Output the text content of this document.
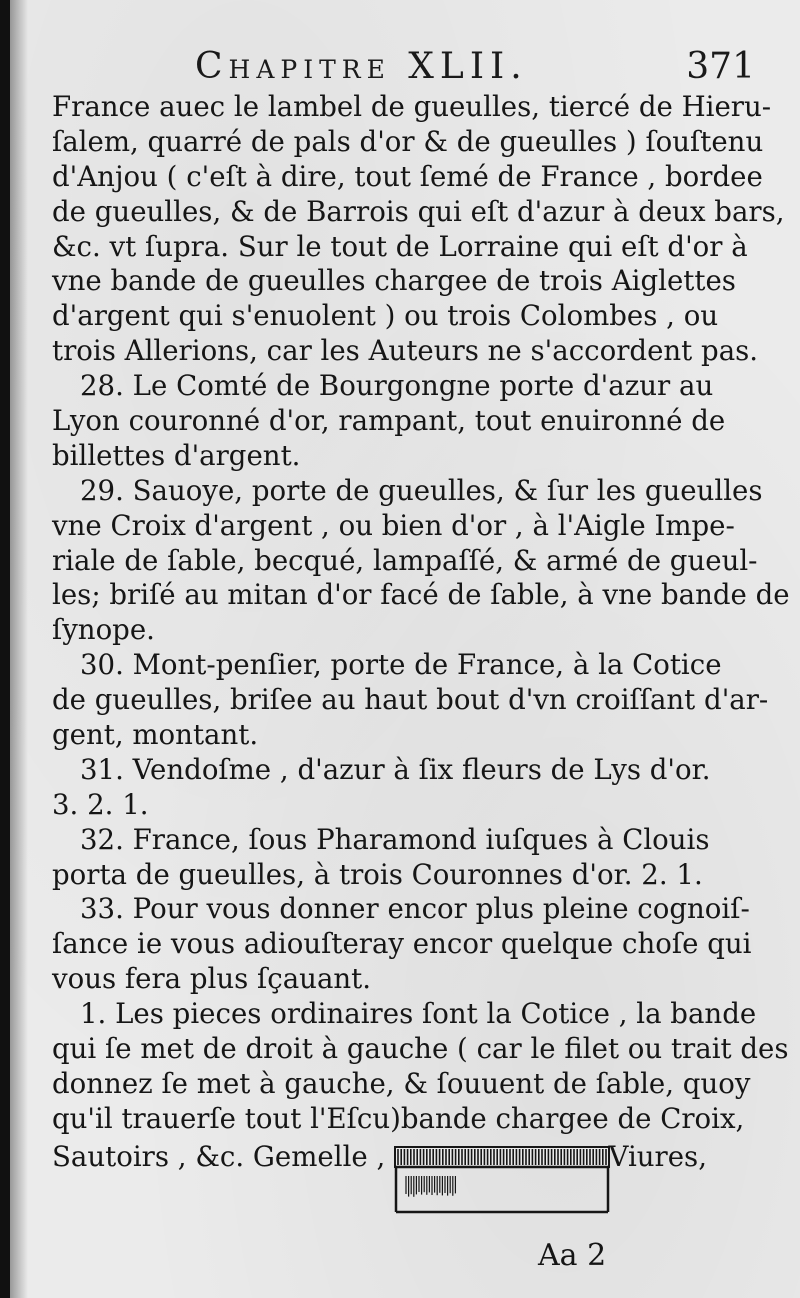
Chapitre XLII.	371
France auec le lambel de gueulles, tiercé de Hieru-
ſalem, quarré de pals d'or & de gueulles ) ſouſtenu
d'Anjou ( c'eſt à dire, tout ſemé de France , bordee
de gueulles, & de Barrois qui eſt d'azur à deux bars,
&c. vt ſupra. Sur le tout de Lorraine qui eſt d'or à
vne bande de gueulles chargee de trois Aiglettes
d'argent qui s'enuolent ) ou trois Colombes , ou
trois Allerions, car les Auteurs ne s'accordent pas.
28. Le Comté de Bourgongne porte d'azur au
Lyon couronné d'or, rampant, tout enuironné de
billettes d'argent.
29. Sauoye, porte de gueulles, & ſur les gueulles
vne Croix d'argent , ou bien d'or , à l'Aigle Impe-
riale de ſable, becqué, lampaſſé, & armé de gueul-
les; briſé au mitan d'or facé de ſable, à vne bande de
ſynope.
30. Mont-penſier, porte de France, à la Cotice
de gueulles, briſee au haut bout d'vn croiſſant d'ar-
gent, montant.
31. Vendoſme , d'azur à ſix fleurs de Lys d'or.
3. 2. 1.
32. France, ſous Pharamond iuſques à Clouis
porta de gueulles, à trois Couronnes d'or. 2. 1.
33. Pour vous donner encor plus pleine cognoiſ-
ſance ie vous adiouſteray encor quelque choſe qui
vous fera plus ſçauant.
1. Les pieces ordinaires ſont la Cotice , la bande
qui ſe met de droit à gauche ( car le filet ou trait des
donnez ſe met à gauche, & ſouuent de ſable, quoy
qu'il trauerſe tout l'Eſcu)bande chargee de Croix,
Sautoirs , &c. Gemelle ,	Viures,
Aa 2
